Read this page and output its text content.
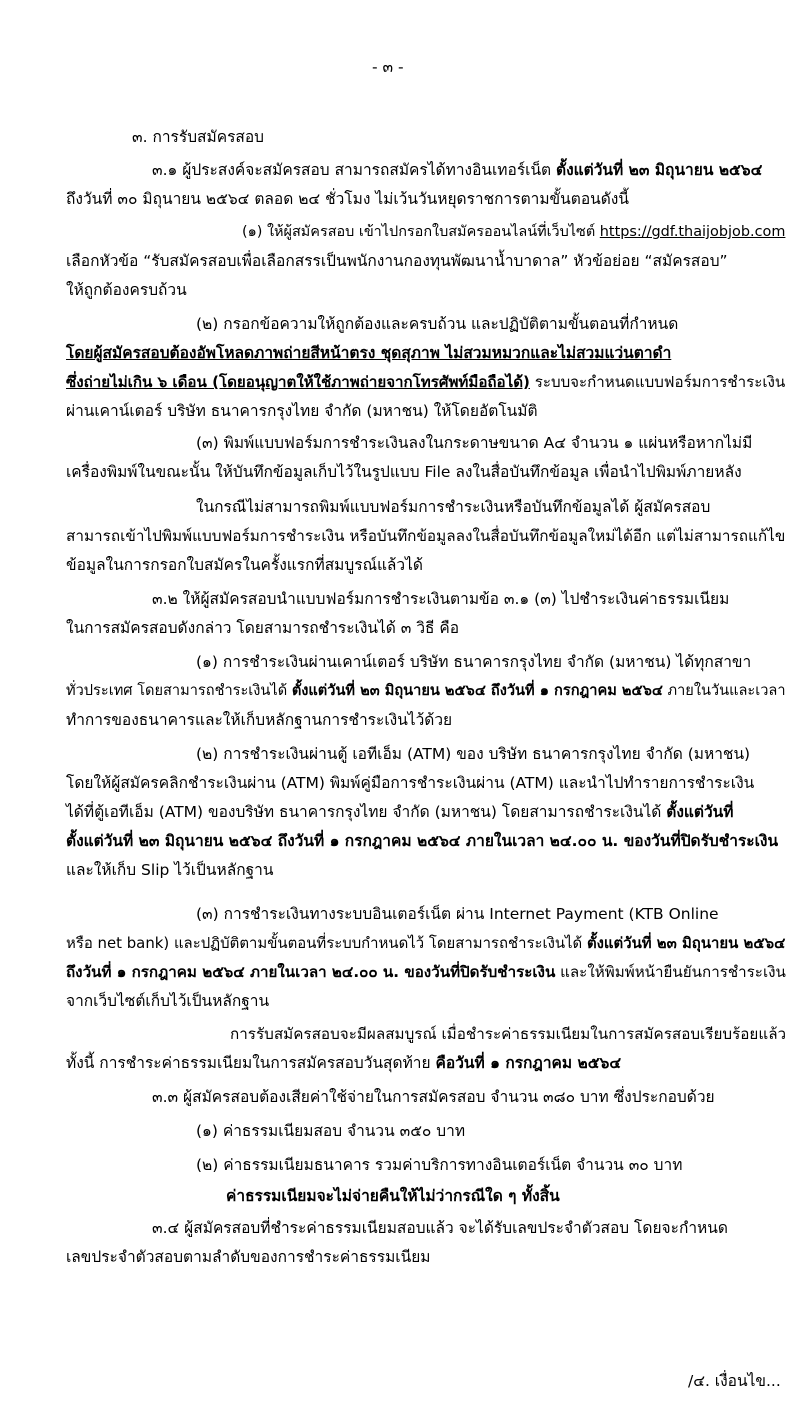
- ๓ -
๓. การรับสมัครสอบ
๓.๑ ผู้ประสงค์จะสมัครสอบ สามารถสมัครได้ทางอินเทอร์เน็ต ตั้งแต่วันที่ ๒๓ มิถุนายน ๒๕๖๔
ถึงวันที่ ๓๐ มิถุนายน ๒๕๖๔ ตลอด ๒๔ ชั่วโมง ไม่เว้นวันหยุดราชการตามขั้นตอนดังนี้
(๑) ให้ผู้สมัครสอบ เข้าไปกรอกใบสมัครออนไลน์ที่เว็บไซต์ https://gdf.thaijobjob.com
เลือกหัวข้อ “รับสมัครสอบเพื่อเลือกสรรเป็นพนักงานกองทุนพัฒนาน้ำบาดาล” หัวข้อย่อย “สมัครสอบ”
ให้ถูกต้องครบถ้วน
(๒) กรอกข้อความให้ถูกต้องและครบถ้วน และปฏิบัติตามขั้นตอนที่กำหนด
โดยผู้สมัครสอบต้องอัพโหลดภาพถ่ายสีหน้าตรง ชุดสุภาพ ไม่สวมหมวกและไม่สวมแว่นตาดำ
ซึ่งถ่ายไม่เกิน ๖ เดือน (โดยอนุญาตให้ใช้ภาพถ่ายจากโทรศัพท์มือถือได้) ระบบจะกำหนดแบบฟอร์มการชำระเงิน
ผ่านเคาน์เตอร์ บริษัท ธนาคารกรุงไทย จำกัด (มหาชน) ให้โดยอัตโนมัติ
(๓) พิมพ์แบบฟอร์มการชำระเงินลงในกระดาษขนาด A๔ จำนวน ๑ แผ่นหรือหากไม่มี
เครื่องพิมพ์ในขณะนั้น ให้บันทึกข้อมูลเก็บไว้ในรูปแบบ File ลงในสื่อบันทึกข้อมูล เพื่อนำไปพิมพ์ภายหลัง
ในกรณีไม่สามารถพิมพ์แบบฟอร์มการชำระเงินหรือบันทึกข้อมูลได้ ผู้สมัครสอบ
สามารถเข้าไปพิมพ์แบบฟอร์มการชำระเงิน หรือบันทึกข้อมูลลงในสื่อบันทึกข้อมูลใหม่ได้อีก แต่ไม่สามารถแก้ไข
ข้อมูลในการกรอกใบสมัครในครั้งแรกที่สมบูรณ์แล้วได้
๓.๒ ให้ผู้สมัครสอบนำแบบฟอร์มการชำระเงินตามข้อ ๓.๑ (๓) ไปชำระเงินค่าธรรมเนียม
ในการสมัครสอบดังกล่าว โดยสามารถชำระเงินได้ ๓ วิธี คือ
(๑) การชำระเงินผ่านเคาน์เตอร์ บริษัท ธนาคารกรุงไทย จำกัด (มหาชน) ได้ทุกสาขา
ทั่วประเทศ โดยสามารถชำระเงินได้ ตั้งแต่วันที่ ๒๓ มิถุนายน ๒๕๖๔ ถึงวันที่ ๑ กรกฎาคม ๒๕๖๔ ภายในวันและเวลา
ทำการของธนาคารและให้เก็บหลักฐานการชำระเงินไว้ด้วย
(๒) การชำระเงินผ่านตู้ เอทีเอ็ม (ATM) ของ บริษัท ธนาคารกรุงไทย จำกัด (มหาชน)
โดยให้ผู้สมัครคลิกชำระเงินผ่าน (ATM) พิมพ์คู่มือการชำระเงินผ่าน (ATM) และนำไปทำรายการชำระเงิน
ได้ที่ตู้เอทีเอ็ม (ATM) ของบริษัท ธนาคารกรุงไทย จำกัด (มหาชน) โดยสามารถชำระเงินได้ ตั้งแต่วันที่
ตั้งแต่วันที่ ๒๓ มิถุนายน ๒๕๖๔ ถึงวันที่ ๑ กรกฎาคม ๒๕๖๔ ภายในเวลา ๒๔.๐๐ น. ของวันที่ปิดรับชำระเงิน
และให้เก็บ Slip ไว้เป็นหลักฐาน
(๓) การชำระเงินทางระบบอินเตอร์เน็ต ผ่าน Internet Payment (KTB Online
หรือ net bank) และปฏิบัติตามขั้นตอนที่ระบบกำหนดไว้ โดยสามารถชำระเงินได้ ตั้งแต่วันที่ ๒๓ มิถุนายน ๒๕๖๔
ถึงวันที่ ๑ กรกฎาคม ๒๕๖๔ ภายในเวลา ๒๔.๐๐ น. ของวันที่ปิดรับชำระเงิน และให้พิมพ์หน้ายืนยันการชำระเงิน
จากเว็บไซต์เก็บไว้เป็นหลักฐาน
การรับสมัครสอบจะมีผลสมบูรณ์ เมื่อชำระค่าธรรมเนียมในการสมัครสอบเรียบร้อยแล้ว
ทั้งนี้ การชำระค่าธรรมเนียมในการสมัครสอบวันสุดท้าย คือวันที่ ๑ กรกฎาคม ๒๕๖๔
๓.๓ ผู้สมัครสอบต้องเสียค่าใช้จ่ายในการสมัครสอบ จำนวน ๓๘๐ บาท ซึ่งประกอบด้วย
(๑) ค่าธรรมเนียมสอบ จำนวน ๓๕๐ บาท
(๒) ค่าธรรมเนียมธนาคาร รวมค่าบริการทางอินเตอร์เน็ต จำนวน ๓๐ บาท
ค่าธรรมเนียมจะไม่จ่ายคืนให้ไม่ว่ากรณีใด ๆ ทั้งสิ้น
๓.๔ ผู้สมัครสอบที่ชำระค่าธรรมเนียมสอบแล้ว จะได้รับเลขประจำตัวสอบ โดยจะกำหนด
เลขประจำตัวสอบตามลำดับของการชำระค่าธรรมเนียม
/๔. เงื่อนไข...
